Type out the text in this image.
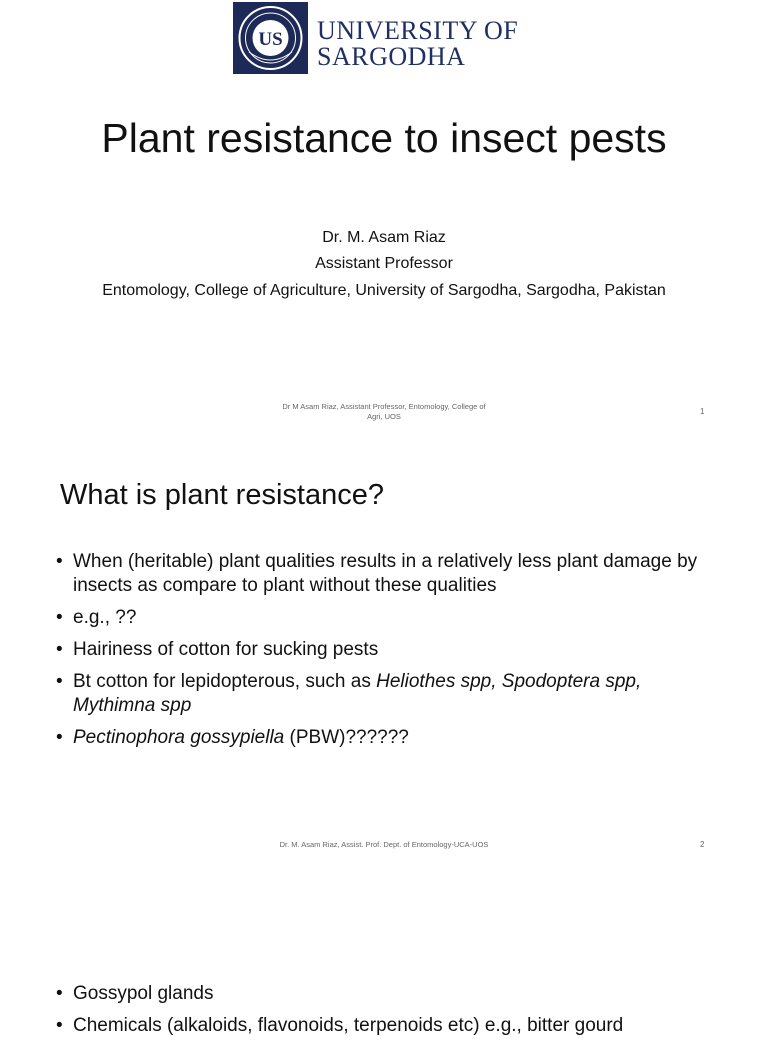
US UNIVERSITY OF
SARGODHA
Plant resistance to insect pests
Dr. M. Asam Riaz
Assistant Professor
Entomology, College of Agriculture, University of Sargodha, Sargodha, Pakistan
Dr M Asam Riaz, Assistant Professor, Entomology, College of
Agri, UOS
1
What is plant resistance?
• When (heritable) plant qualities results in a relatively less plant damage by insects as compare to plant without these qualities
• e.g., ??
• Hairiness of cotton for sucking pests
• Bt cotton for lepidopterous, such as Heliothes spp, Spodoptera spp, Mythimna spp
• Pectinophora gossypiella (PBW)??????
Dr. M. Asam Riaz, Assist. Prof. Dept. of Entomology-UCA-UOS	2
• Gossypol glands
• Chemicals (alkaloids, flavonoids, terpenoids etc) e.g., bitter gourd
